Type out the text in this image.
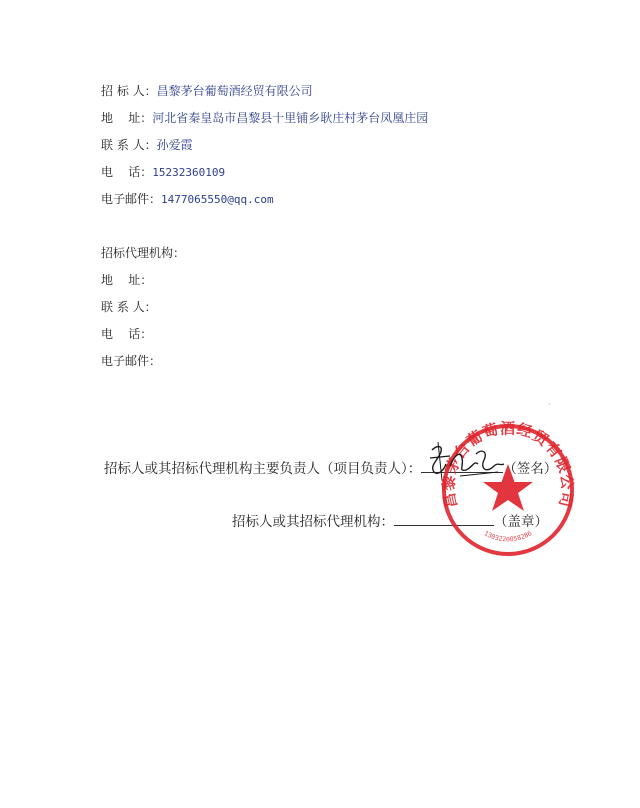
招 标 人：昌黎茅台葡萄酒经贸有限公司
地    址：河北省秦皇岛市昌黎县十里铺乡耿庄村茅台凤凰庄园
联 系 人：孙爱霞
电    话：15232360109
电子邮件：1477065550@qq.com
招标代理机构：
地    址：
联 系 人：
电    话：
电子邮件：
·
招标人或其招标代理机构主要负责人（项目负责人）：	（签名）
招标人或其招标代理机构：	（盖章）
昌黎茅台葡萄酒经贸有限公司
1303220058286
